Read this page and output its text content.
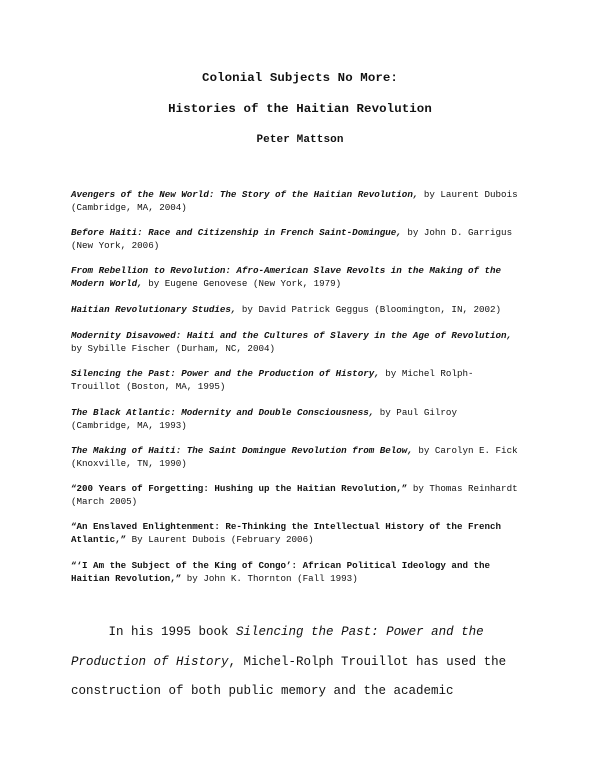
Colonial Subjects No More:
Histories of the Haitian Revolution

Peter Mattson

Avengers of the New World: The Story of the Haitian Revolution, by Laurent Dubois (Cambridge, MA, 2004)
Before Haiti: Race and Citizenship in French Saint-Domingue, by John D. Garrigus (New York, 2006)
From Rebellion to Revolution: Afro-American Slave Revolts in the Making of the Modern World, by Eugene Genovese (New York, 1979)
Haitian Revolutionary Studies, by David Patrick Geggus (Bloomington, IN, 2002)
Modernity Disavowed: Haiti and the Cultures of Slavery in the Age of Revolution, by Sybille Fischer (Durham, NC, 2004)
Silencing the Past: Power and the Production of History, by Michel Rolph-Trouillot (Boston, MA, 1995)
The Black Atlantic: Modernity and Double Consciousness, by Paul Gilroy (Cambridge, MA, 1993)
The Making of Haiti: The Saint Domingue Revolution from Below, by Carolyn E. Fick (Knoxville, TN, 1990)
“200 Years of Forgetting: Hushing up the Haitian Revolution,” by Thomas Reinhardt (March 2005)
“An Enslaved Enlightenment: Re-Thinking the Intellectual History of the French Atlantic,” By Laurent Dubois (February 2006)
“‘I Am the Subject of the King of Congo’: African Political Ideology and the Haitian Revolution,” by John K. Thornton (Fall 1993)

In his 1995 book Silencing the Past: Power and the Production of History, Michel-Rolph Trouillot has used the construction of both public memory and the academic
